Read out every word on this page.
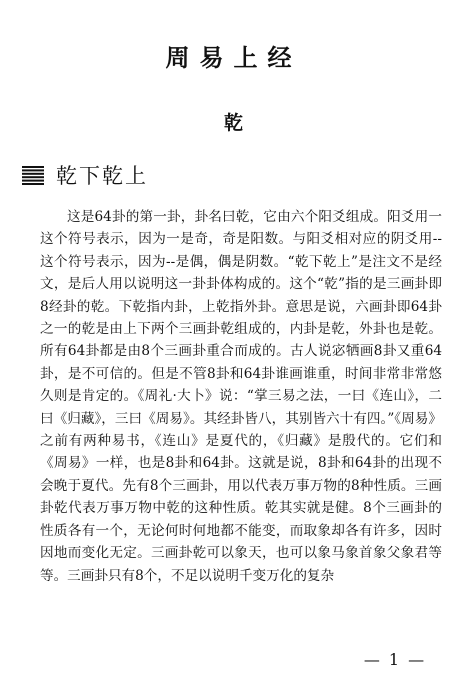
周易上经
乾
乾下乾上

这是64卦的第一卦，卦名曰乾，它由六个阳爻组成。阳爻用一这个符号表示，因为一是奇，奇是阳数。与阳爻相对应的阴爻用--这个符号表示，因为--是偶，偶是阴数。“乾下乾上”是注文不是经文，是后人用以说明这一卦卦体构成的。这个“乾”指的是三画卦即8经卦的乾。下乾指内卦，上乾指外卦。意思是说，六画卦即64卦之一的乾是由上下两个三画卦乾组成的，内卦是乾，外卦也是乾。所有64卦都是由8个三画卦重合而成的。古人说宓牺画8卦又重64卦，是不可信的。但是不管8卦和64卦谁画谁重，时间非常非常悠久则是肯定的。《周礼·大卜》说：“掌三易之法，一曰《连山》，二曰《归藏》，三曰《周易》。其经卦皆八，其别皆六十有四。”《周易》之前有两种易书，《连山》是夏代的，《归藏》是殷代的。它们和《周易》一样，也是8卦和64卦。这就是说，8卦和64卦的出现不会晚于夏代。先有8个三画卦，用以代表万事万物的8种性质。三画卦乾代表万事万物中乾的这种性质。乾其实就是健。8个三画卦的性质各有一个，无论何时何地都不能变，而取象却各有许多，因时因地而变化无定。三画卦乾可以象天，也可以象马象首象父象君等等。三画卦只有8个，不足以说明千变万化的复杂

— 1 —
